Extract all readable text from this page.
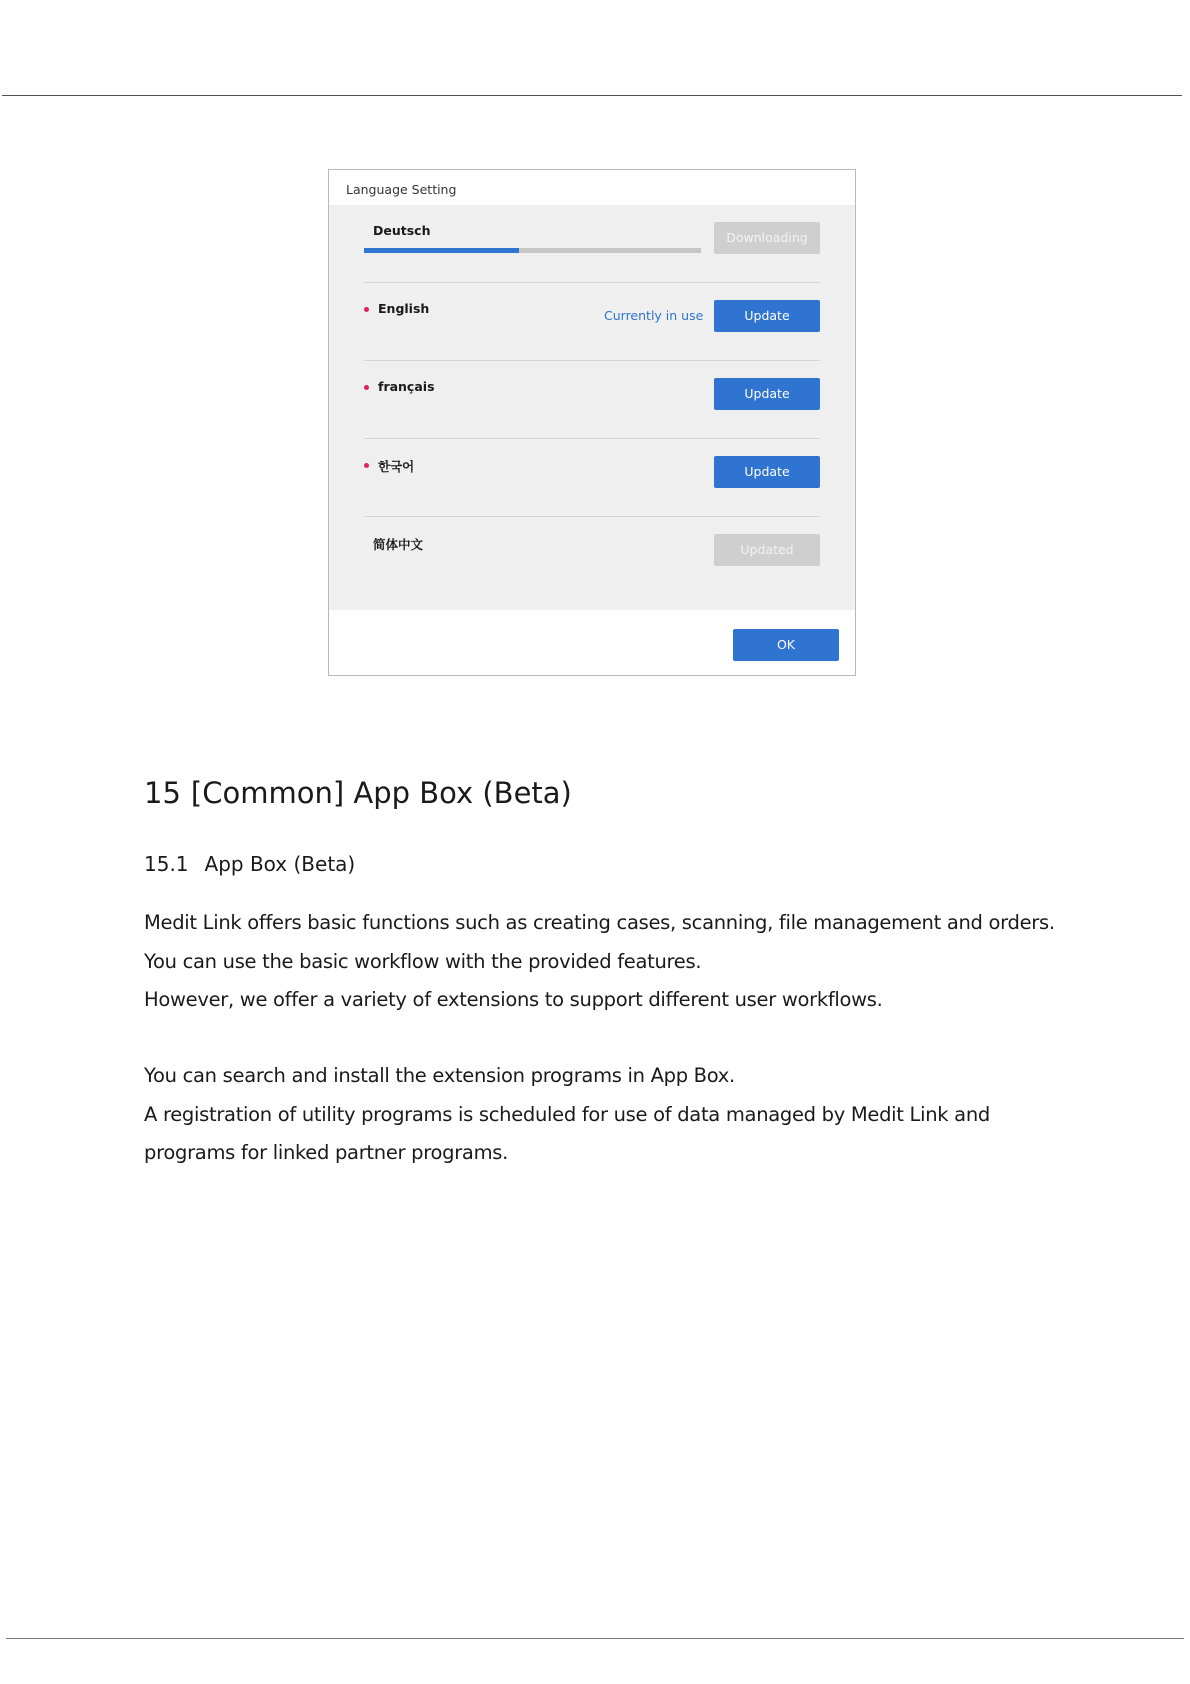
Language Setting
Deutsch	Downloading
English	Currently in use	Update
français	Update
한국어	Update
简体中文	Updated
OK
15 [Common] App Box (Beta)
15.1 App Box (Beta)
Medit Link offers basic functions such as creating cases, scanning, file management and orders.
You can use the basic workflow with the provided features.
However, we offer a variety of extensions to support different user workflows.
You can search and install the extension programs in App Box.
A registration of utility programs is scheduled for use of data managed by Medit Link and
programs for linked partner programs.
